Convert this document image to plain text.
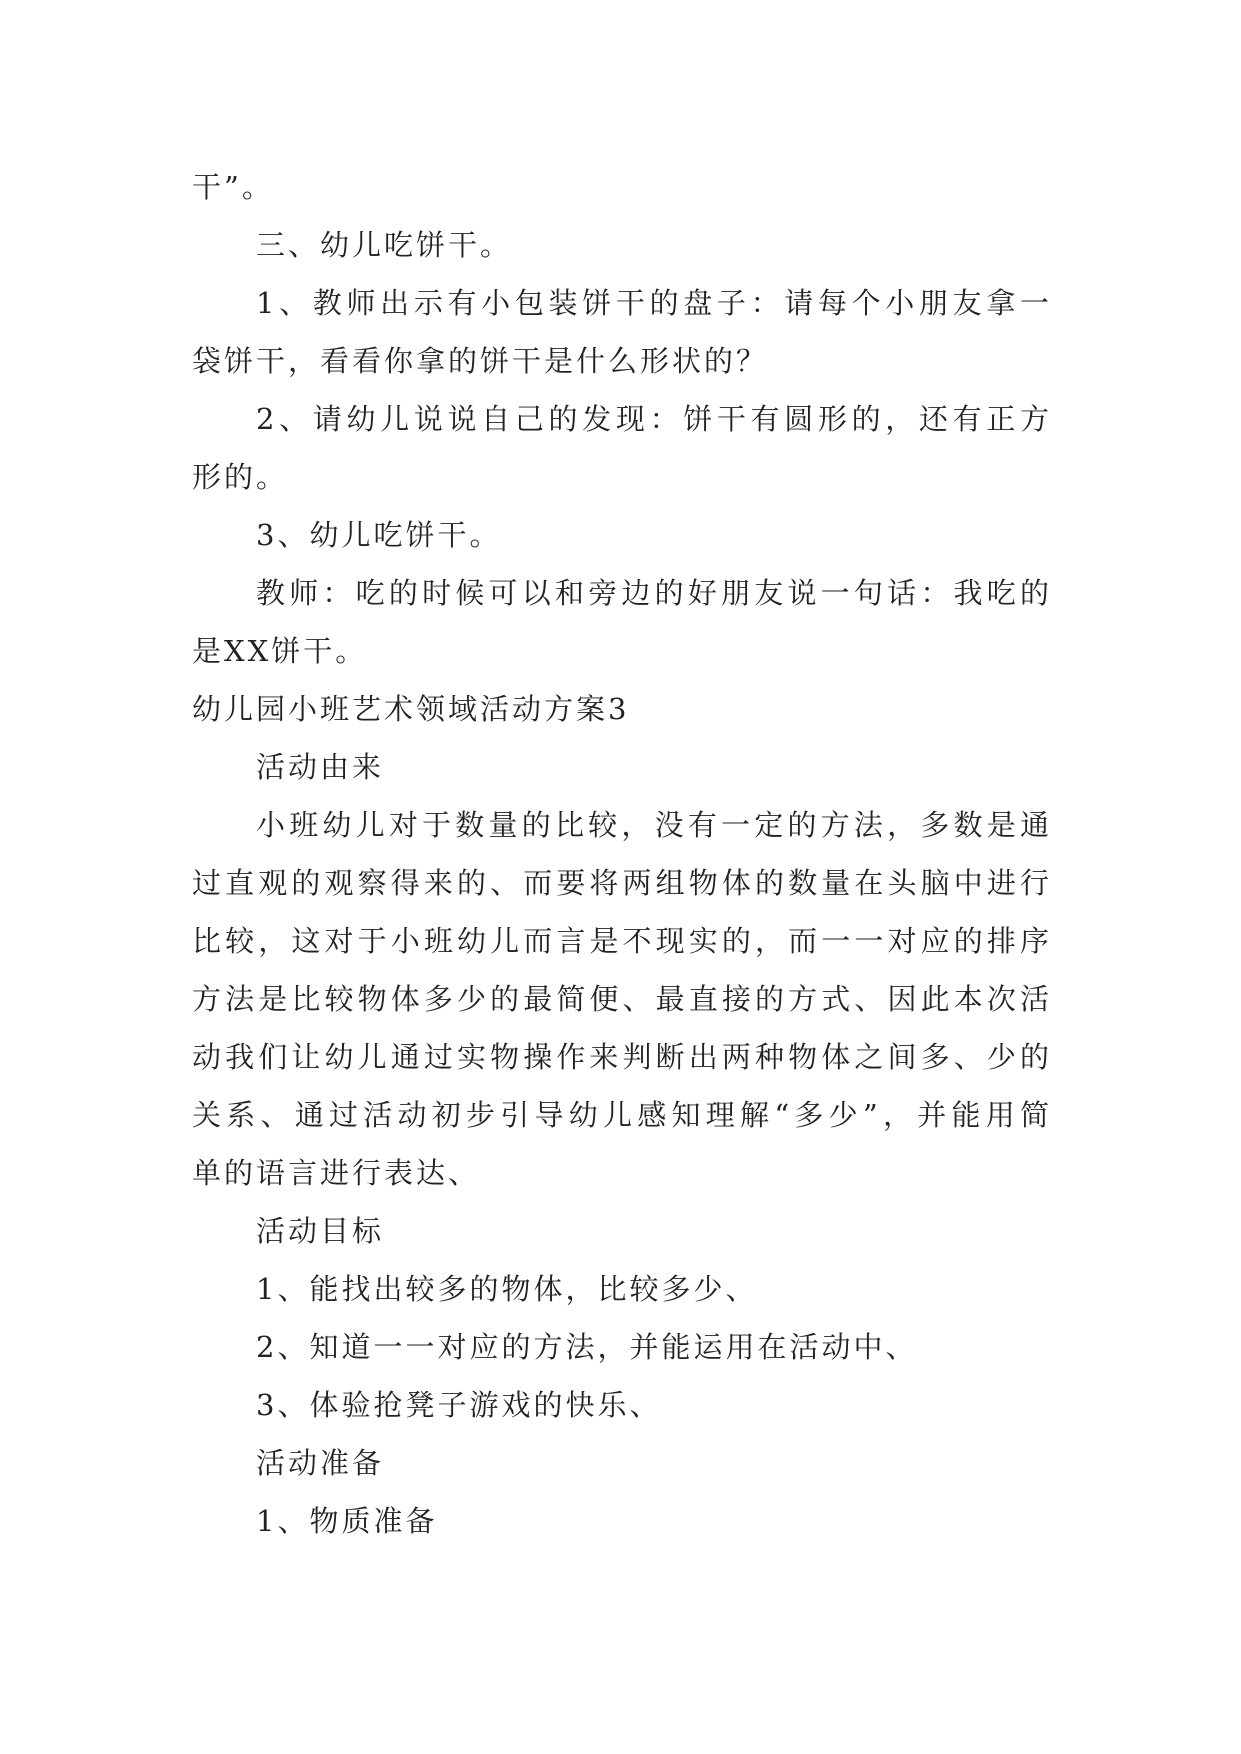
干”。
三、幼儿吃饼干。
1、教师出示有小包装饼干的盘子：请每个小朋友拿一
袋饼干，看看你拿的饼干是什么形状的？
2、请幼儿说说自己的发现：饼干有圆形的，还有正方
形的。
3、幼儿吃饼干。
教师：吃的时候可以和旁边的好朋友说一句话：我吃的
是XX饼干。
幼儿园小班艺术领域活动方案3
活动由来
小班幼儿对于数量的比较，没有一定的方法，多数是通
过直观的观察得来的、而要将两组物体的数量在头脑中进行
比较，这对于小班幼儿而言是不现实的，而一一对应的排序
方法是比较物体多少的最简便、最直接的方式、因此本次活
动我们让幼儿通过实物操作来判断出两种物体之间多、少的
关系、通过活动初步引导幼儿感知理解“多少”，并能用简
单的语言进行表达、
活动目标
1、能找出较多的物体，比较多少、
2、知道一一对应的方法，并能运用在活动中、
3、体验抢凳子游戏的快乐、
活动准备
1、物质准备
